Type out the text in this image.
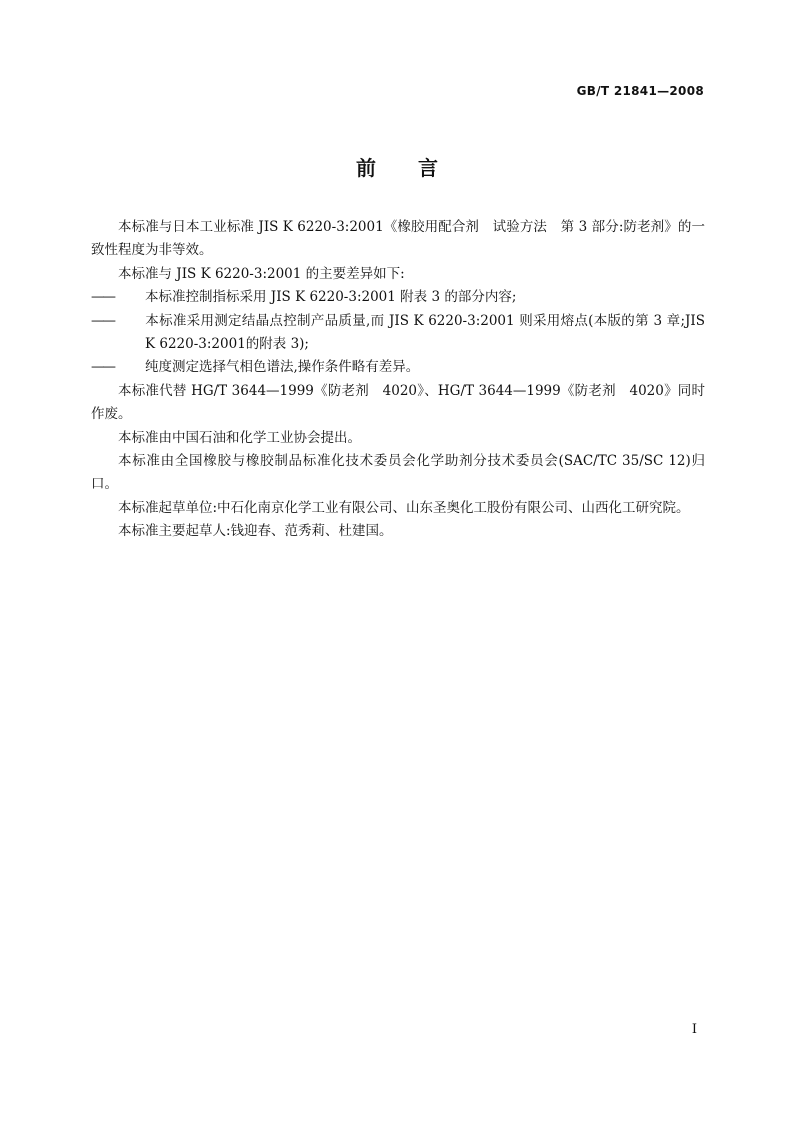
GB/T 21841—2008
前言

本标准与日本工业标准 JIS K 6220-3:2001《橡胶用配合剂　试验方法　第 3 部分:防老剂》的一致性程度为非等效。

本标准与 JIS K 6220-3:2001 的主要差异如下:

—— 本标准控制指标采用 JIS K 6220-3:2001 附表 3 的部分内容;

—— 本标准采用测定结晶点控制产品质量,而 JIS K 6220-3:2001 则采用熔点(本版的第 3 章;JIS K 6220-3:2001的附表 3);

—— 纯度测定选择气相色谱法,操作条件略有差异。

本标准代替 HG/T 3644—1999《防老剂　4020》、HG/T 3644—1999《防老剂　4020》同时作废。

本标准由中国石油和化学工业协会提出。

本标准由全国橡胶与橡胶制品标准化技术委员会化学助剂分技术委员会(SAC/TC 35/SC 12)归口。

本标准起草单位:中石化南京化学工业有限公司、山东圣奥化工股份有限公司、山西化工研究院。

本标准主要起草人:钱迎春、范秀莉、杜建国。

I
